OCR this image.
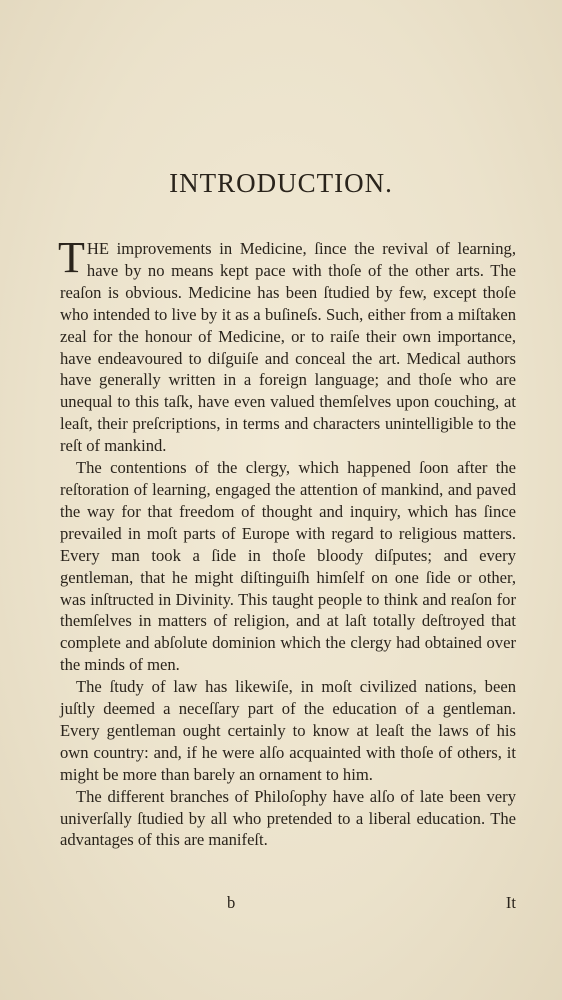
INTRODUCTION.

THE improvements in Medicine, ſince the revival of learning, have by no means kept pace with thoſe of the other arts. The reaſon is obvious. Medicine has been ſtudied by few, except thoſe who intended to live by it as a buſineſs. Such, either from a miſtaken zeal for the honour of Medicine, or to raiſe their own importance, have endeavoured to diſguiſe and conceal the art. Medical authors have generally written in a foreign language; and thoſe who are unequal to this taſk, have even valued themſelves upon couching, at leaſt, their preſcriptions, in terms and characters unintelligible to the reſt of mankind.

The contentions of the clergy, which happened ſoon after the reſtoration of learning, engaged the attention of mankind, and paved the way for that freedom of thought and inquiry, which has ſince prevailed in moſt parts of Europe with regard to religious matters. Every man took a ſide in thoſe bloody diſputes; and every gentleman, that he might diſtinguiſh himſelf on one ſide or other, was inſtructed in Divinity. This taught people to think and reaſon for themſelves in matters of religion, and at laſt totally deſtroyed that complete and abſolute dominion which the clergy had obtained over the minds of men.

The ſtudy of law has likewiſe, in moſt civilized nations, been juſtly deemed a neceſſary part of the education of a gentleman. Every gentleman ought certainly to know at leaſt the laws of his own country: and, if he were alſo acquainted with thoſe of others, it might be more than barely an ornament to him.

The different branches of Philoſophy have alſo of late been very univerſally ſtudied by all who pretended to a liberal education. The advantages of this are manifeſt.

b	It
